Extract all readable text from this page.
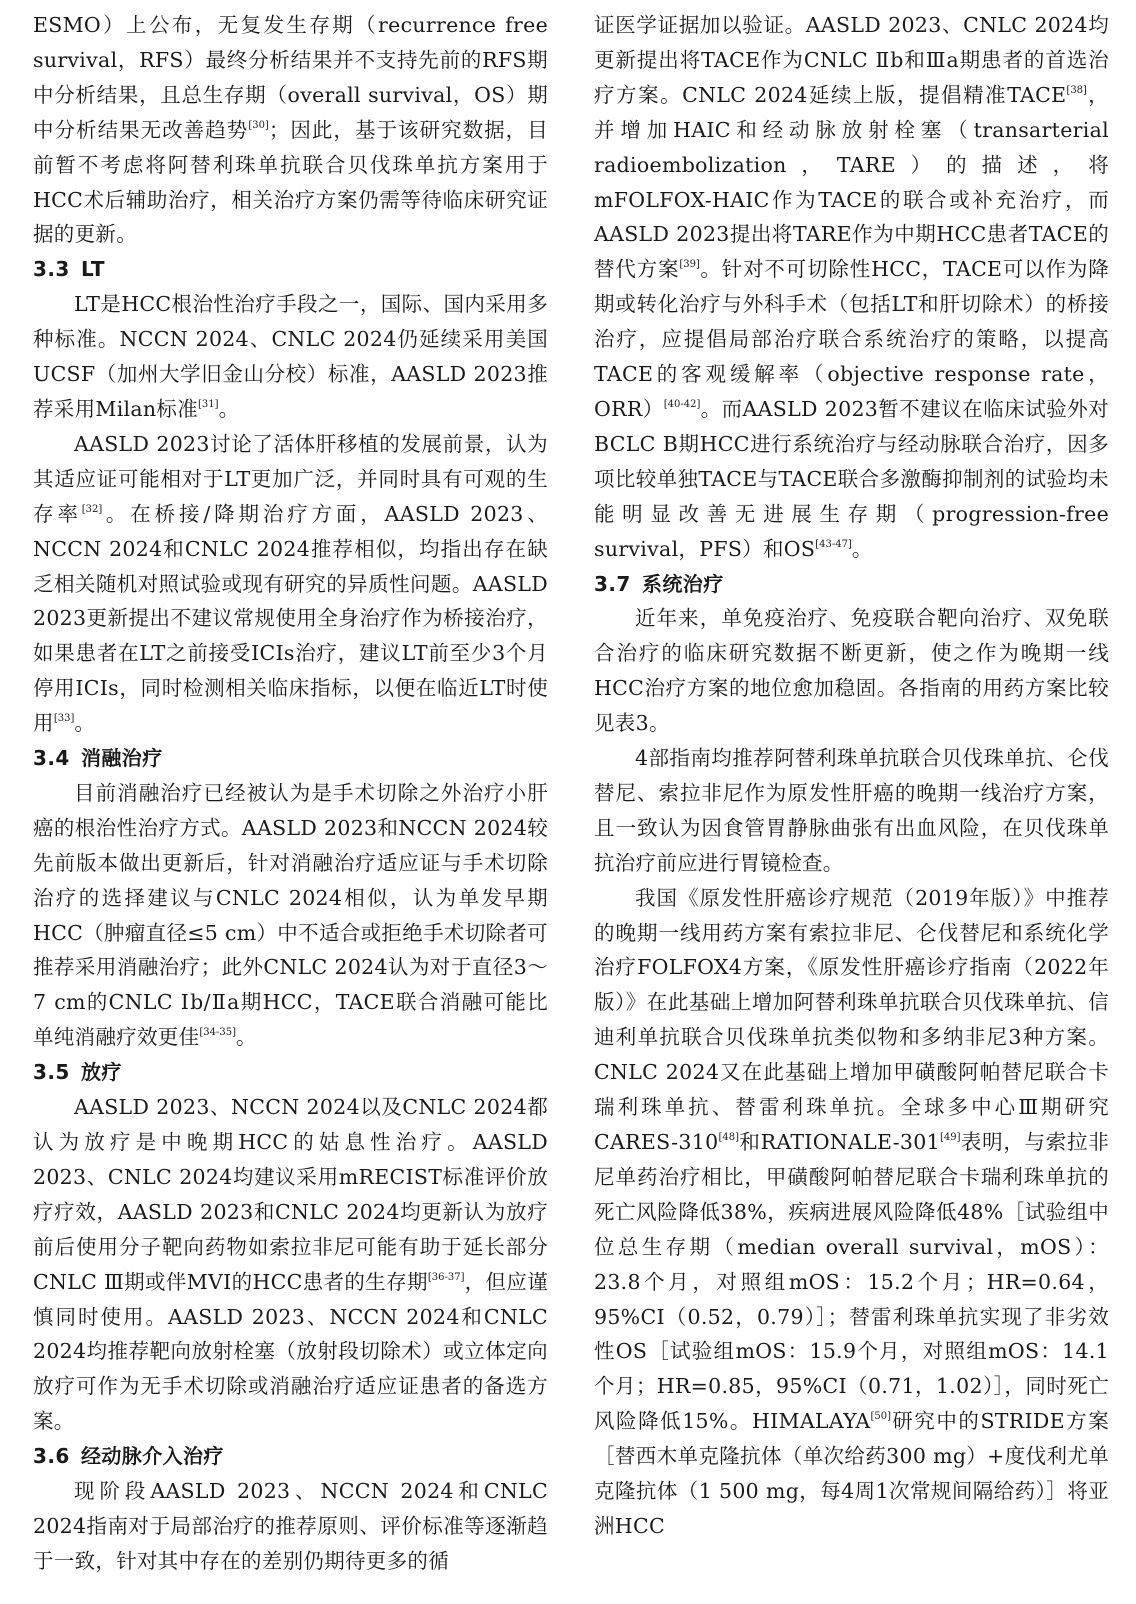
ESMO）上公布，无复发生存期（recurrence free survival，RFS）最终分析结果并不支持先前的RFS期中分析结果，且总生存期（overall survival，OS）期中分析结果无改善趋势[30]；因此，基于该研究数据，目前暂不考虑将阿替利珠单抗联合贝伐珠单抗方案用于HCC术后辅助治疗，相关治疗方案仍需等待临床研究证据的更新。

3.3 LT

LT是HCC根治性治疗手段之一，国际、国内采用多种标准。NCCN 2024、CNLC 2024仍延续采用美国UCSF（加州大学旧金山分校）标准，AASLD 2023推荐采用Milan标准[31]。

AASLD 2023讨论了活体肝移植的发展前景，认为其适应证可能相对于LT更加广泛，并同时具有可观的生存率[32]。在桥接/降期治疗方面，AASLD 2023、NCCN 2024和CNLC 2024推荐相似，均指出存在缺乏相关随机对照试验或现有研究的异质性问题。AASLD 2023更新提出不建议常规使用全身治疗作为桥接治疗，如果患者在LT之前接受ICIs治疗，建议LT前至少3个月停用ICIs，同时检测相关临床指标，以便在临近LT时使用[33]。

3.4 消融治疗

目前消融治疗已经被认为是手术切除之外治疗小肝癌的根治性治疗方式。AASLD 2023和NCCN 2024较先前版本做出更新后，针对消融治疗适应证与手术切除治疗的选择建议与CNLC 2024相似，认为单发早期HCC（肿瘤直径≤5 cm）中不适合或拒绝手术切除者可推荐采用消融治疗；此外CNLC 2024认为对于直径3～7 cm的CNLC Ⅰb/Ⅱa期HCC，TACE联合消融可能比单纯消融疗效更佳[34-35]。

3.5 放疗

AASLD 2023、NCCN 2024以及CNLC 2024都认为放疗是中晚期HCC的姑息性治疗。AASLD 2023、CNLC 2024均建议采用mRECIST标准评价放疗疗效，AASLD 2023和CNLC 2024均更新认为放疗前后使用分子靶向药物如索拉非尼可能有助于延长部分CNLC Ⅲ期或伴MVI的HCC患者的生存期[36-37]，但应谨慎同时使用。AASLD 2023、NCCN 2024和CNLC 2024均推荐靶向放射栓塞（放射段切除术）或立体定向放疗可作为无手术切除或消融治疗适应证患者的备选方案。

3.6 经动脉介入治疗

现阶段AASLD 2023、NCCN 2024和CNLC 2024指南对于局部治疗的推荐原则、评价标准等逐渐趋于一致，针对其中存在的差别仍期待更多的循

证医学证据加以验证。AASLD 2023、CNLC 2024均更新提出将TACE作为CNLC Ⅱb和Ⅲa期患者的首选治疗方案。CNLC 2024延续上版，提倡精准TACE[38]，并增加HAIC和经动脉放射栓塞（transarterial radioembolization，TARE）的描述，将mFOLFOX-HAIC作为TACE的联合或补充治疗，而AASLD 2023提出将TARE作为中期HCC患者TACE的替代方案[39]。针对不可切除性HCC，TACE可以作为降期或转化治疗与外科手术（包括LT和肝切除术）的桥接治疗，应提倡局部治疗联合系统治疗的策略，以提高TACE的客观缓解率（objective response rate，ORR）[40-42]。而AASLD 2023暂不建议在临床试验外对BCLC B期HCC进行系统治疗与经动脉联合治疗，因多项比较单独TACE与TACE联合多激酶抑制剂的试验均未能明显改善无进展生存期（progression-free survival，PFS）和OS[43-47]。

3.7 系统治疗

近年来，单免疫治疗、免疫联合靶向治疗、双免联合治疗的临床研究数据不断更新，使之作为晚期一线HCC治疗方案的地位愈加稳固。各指南的用药方案比较见表3。

4部指南均推荐阿替利珠单抗联合贝伐珠单抗、仑伐替尼、索拉非尼作为原发性肝癌的晚期一线治疗方案，且一致认为因食管胃静脉曲张有出血风险，在贝伐珠单抗治疗前应进行胃镜检查。

我国《原发性肝癌诊疗规范（2019年版）》中推荐的晚期一线用药方案有索拉非尼、仑伐替尼和系统化学治疗FOLFOX4方案，《原发性肝癌诊疗指南（2022年版）》在此基础上增加阿替利珠单抗联合贝伐珠单抗、信迪利单抗联合贝伐珠单抗类似物和多纳非尼3种方案。CNLC 2024又在此基础上增加甲磺酸阿帕替尼联合卡瑞利珠单抗、替雷利珠单抗。全球多中心Ⅲ期研究CARES-310[48]和RATIONALE-301[49]表明，与索拉非尼单药治疗相比，甲磺酸阿帕替尼联合卡瑞利珠单抗的死亡风险降低38%，疾病进展风险降低48%［试验组中位总生存期（median overall survival，mOS）：23.8个月，对照组mOS：15.2个月；HR=0.64，95%CI（0.52，0.79）］；替雷利珠单抗实现了非劣效性OS［试验组mOS：15.9个月，对照组mOS：14.1个月；HR=0.85，95%CI（0.71，1.02）］，同时死亡风险降低15%。HIMALAYA[50]研究中的STRIDE方案［替西木单克隆抗体（单次给药300 mg）+度伐利尤单克隆抗体（1 500 mg，每4周1次常规间隔给药）］将亚洲HCC
